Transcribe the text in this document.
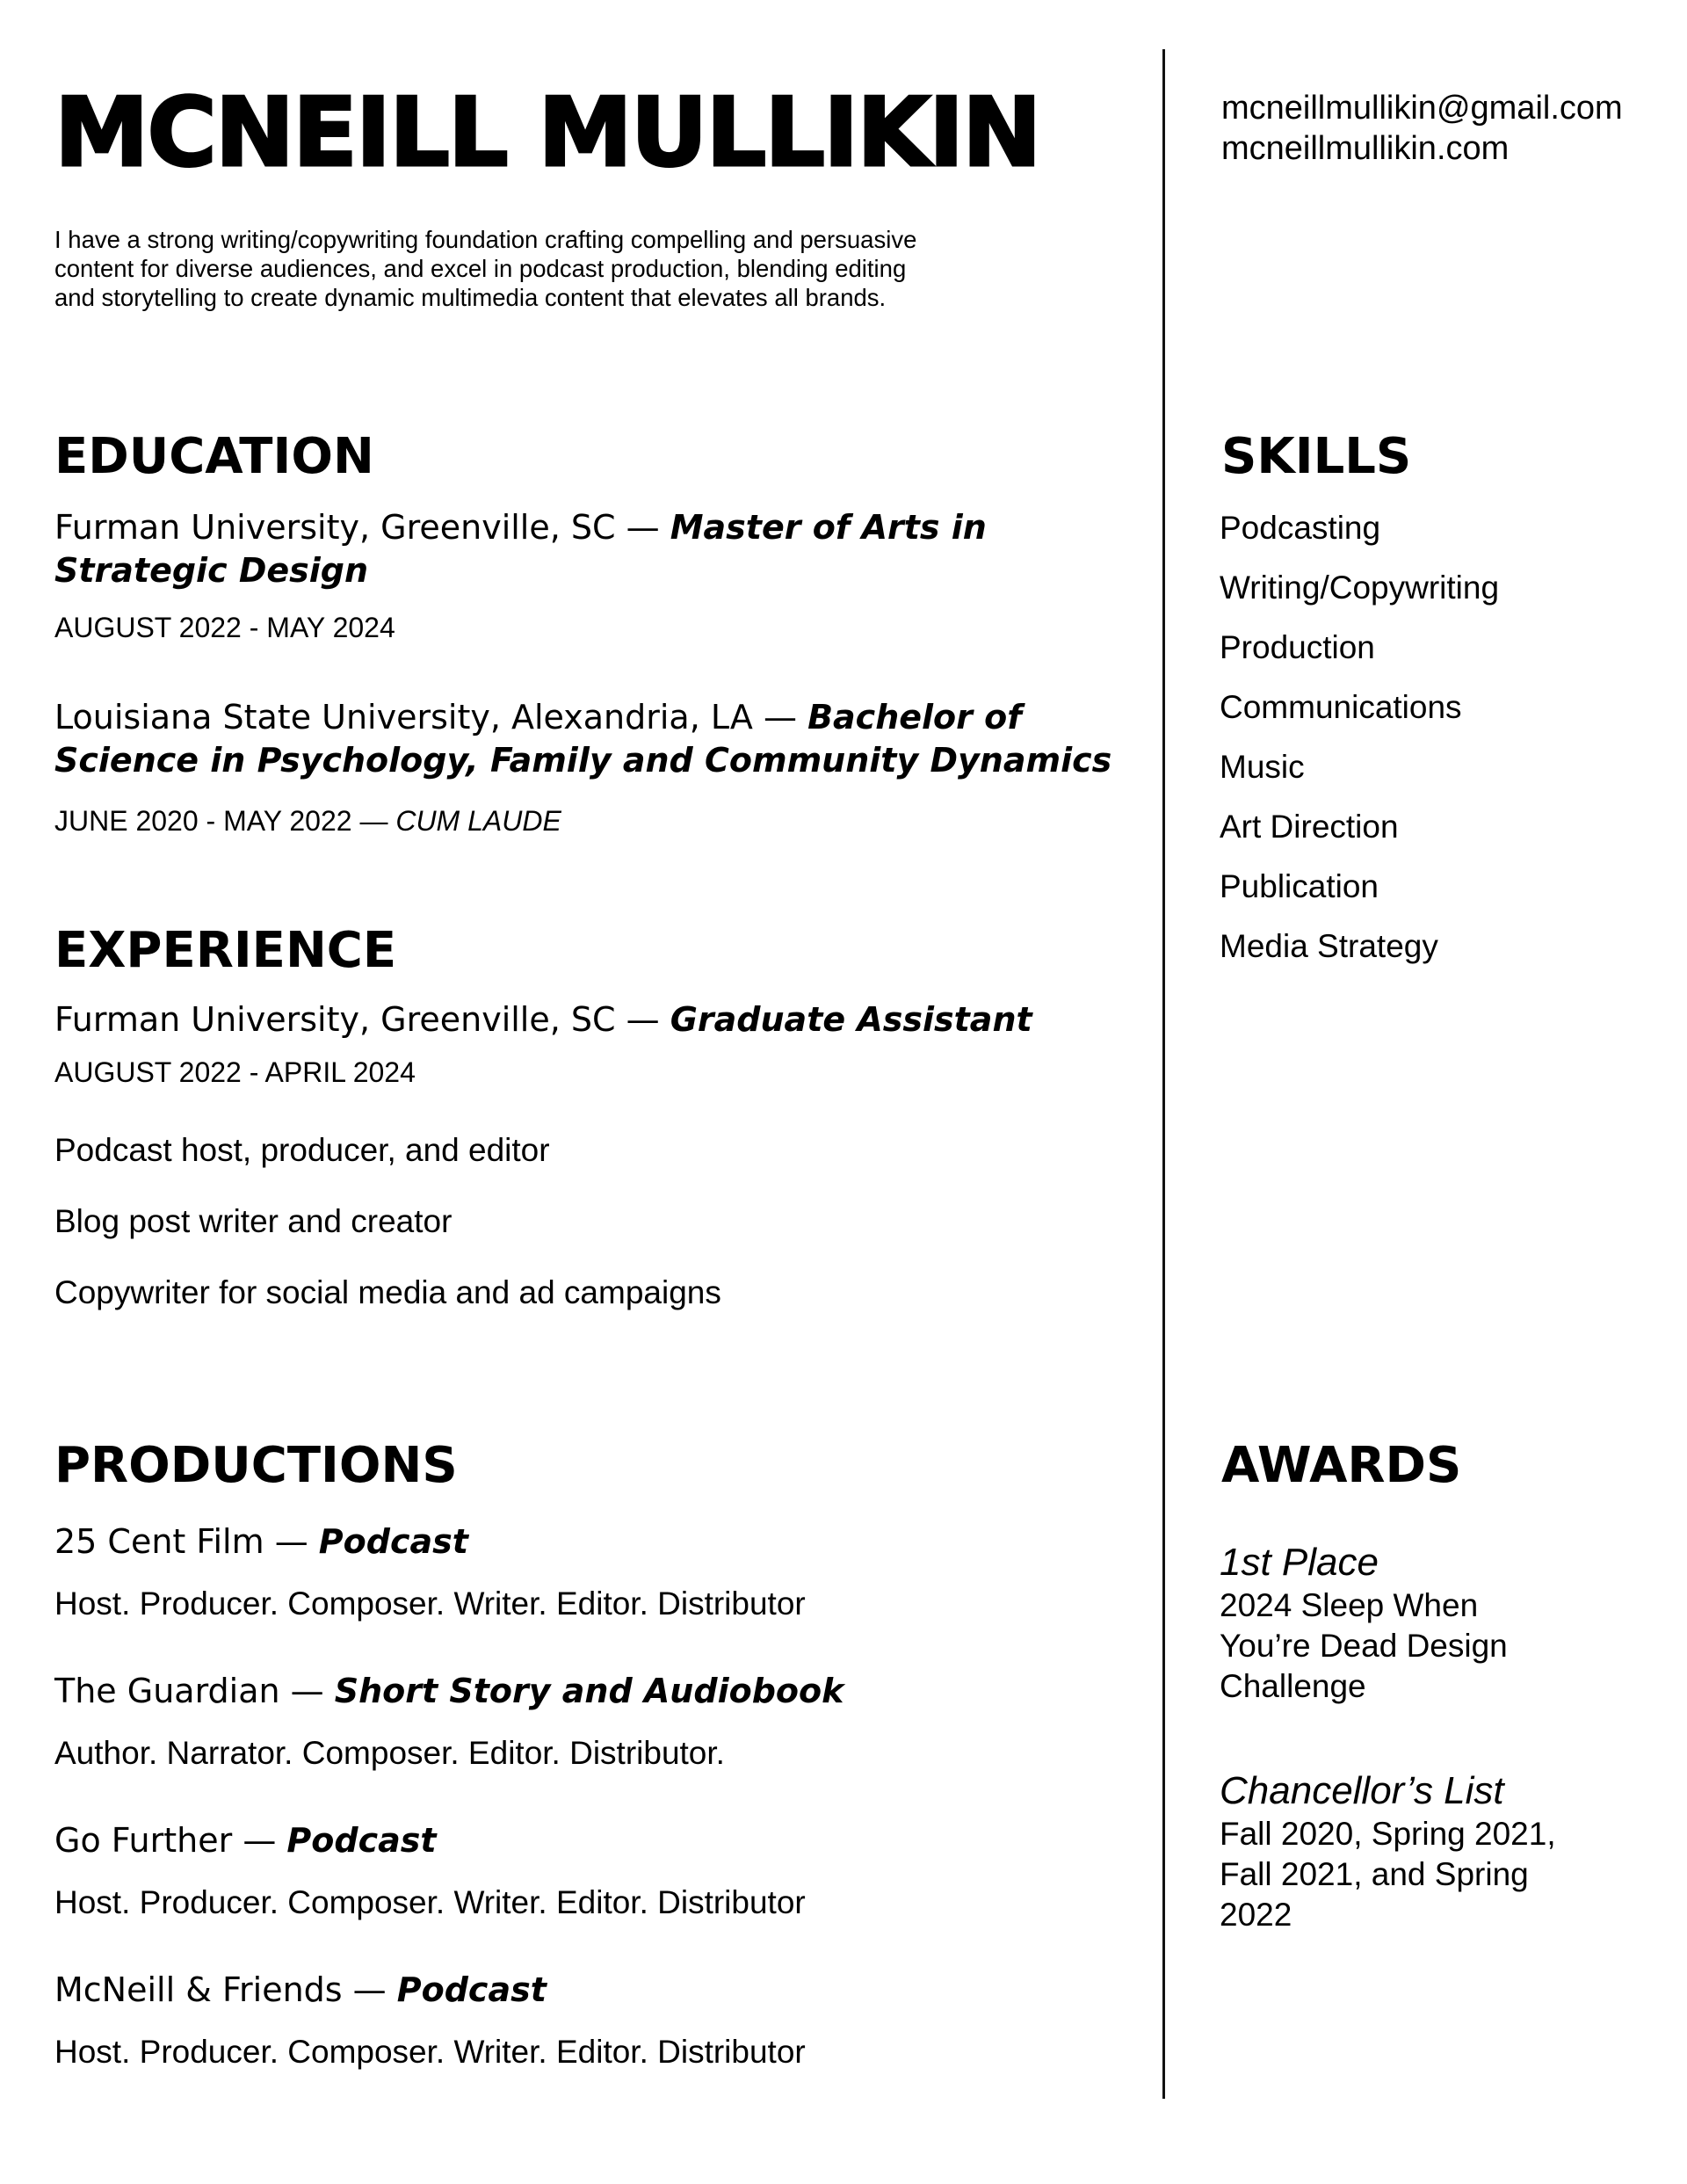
MCNEILL MULLIKIN
I have a strong writing/copywriting foundation crafting compelling and persuasive
content for diverse audiences, and excel in podcast production, blending editing
and storytelling to create dynamic multimedia content that elevates all brands.
mcneillmullikin@gmail.com
mcneillmullikin.com
EDUCATION
Furman University, Greenville, SC — Master of Arts in Strategic Design
AUGUST 2022 - MAY 2024
Louisiana State University, Alexandria, LA — Bachelor of Science in Psychology, Family and Community Dynamics
JUNE 2020 - MAY 2022 — CUM LAUDE
EXPERIENCE
Furman University, Greenville, SC — Graduate Assistant
AUGUST 2022 - APRIL 2024
Podcast host, producer, and editor
Blog post writer and creator
Copywriter for social media and ad campaigns
PRODUCTIONS
25 Cent Film — Podcast
Host. Producer. Composer. Writer. Editor. Distributor
The Guardian — Short Story and Audiobook
Author. Narrator. Composer. Editor. Distributor.
Go Further — Podcast
Host. Producer. Composer. Writer. Editor. Distributor
McNeill & Friends — Podcast
Host. Producer. Composer. Writer. Editor. Distributor
SKILLS
Podcasting
Writing/Copywriting
Production
Communications
Music
Art Direction
Publication
Media Strategy
AWARDS
1st Place
2024 Sleep When You’re Dead Design Challenge
Chancellor’s List
Fall 2020, Spring 2021, Fall 2021, and Spring 2022
